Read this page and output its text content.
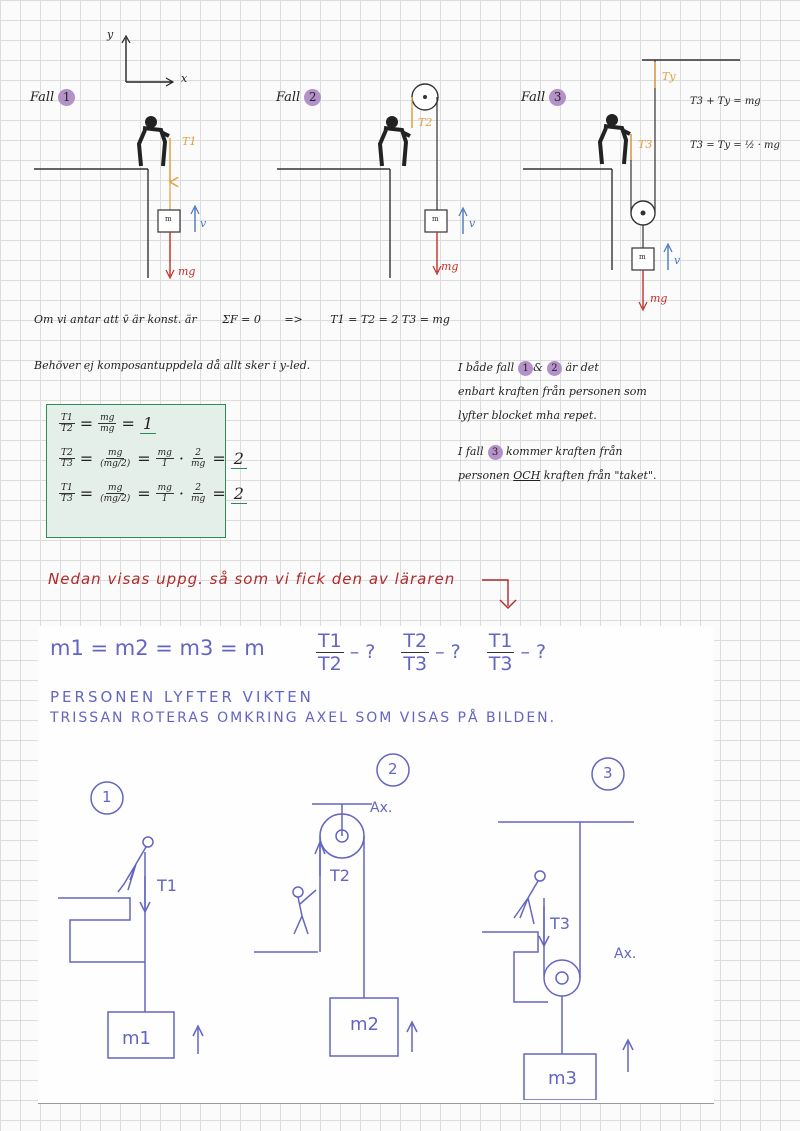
y
x
Fall 1	Fall 2	Fall 3
T1
m	v
mg
T2
m	v
mg
T3
Ty
m	v
mg
T3 + Ty = mg
T3 = Ty = ½ · mg
Om vi antar att v̄ är konst. är ΣF = 0 =>	T1 = T2 = 2 T3 = mg
Behöver ej komposantuppdela då allt sker i y-led.	I både fall 1 & 2 är det
enbart kraften från personen som
lyfter blocket mha repet.
I fall 3 kommer kraften från
personen OCH kraften från "taket".
$\frac{T1}{T2} = \frac{mg}{mg} = 1$
$\frac{T2}{T3} = \frac{mg}{(mg/2)} = \frac{mg}{1} \cdot \frac{2}{mg} = 2$
$\frac{T1}{T3} = \frac{mg}{(mg/2)} = \frac{mg}{1} \cdot \frac{2}{mg} = 2$
Nedan visas uppg. så som vi fick den av läraren
m1 = m2 = m3 = m	$\frac{T1}{T2}$ – ? $\frac{T2}{T3}$ – ? $\frac{T1}{T3}$ – ?
PERSONEN LYFTER VIKTEN
TRISSAN ROTERAS OMKRING AXEL SOM VISAS PÅ BILDEN.
1
T1
m1
2
T2
Ax.
m2
3
T3
Ax.
m3
